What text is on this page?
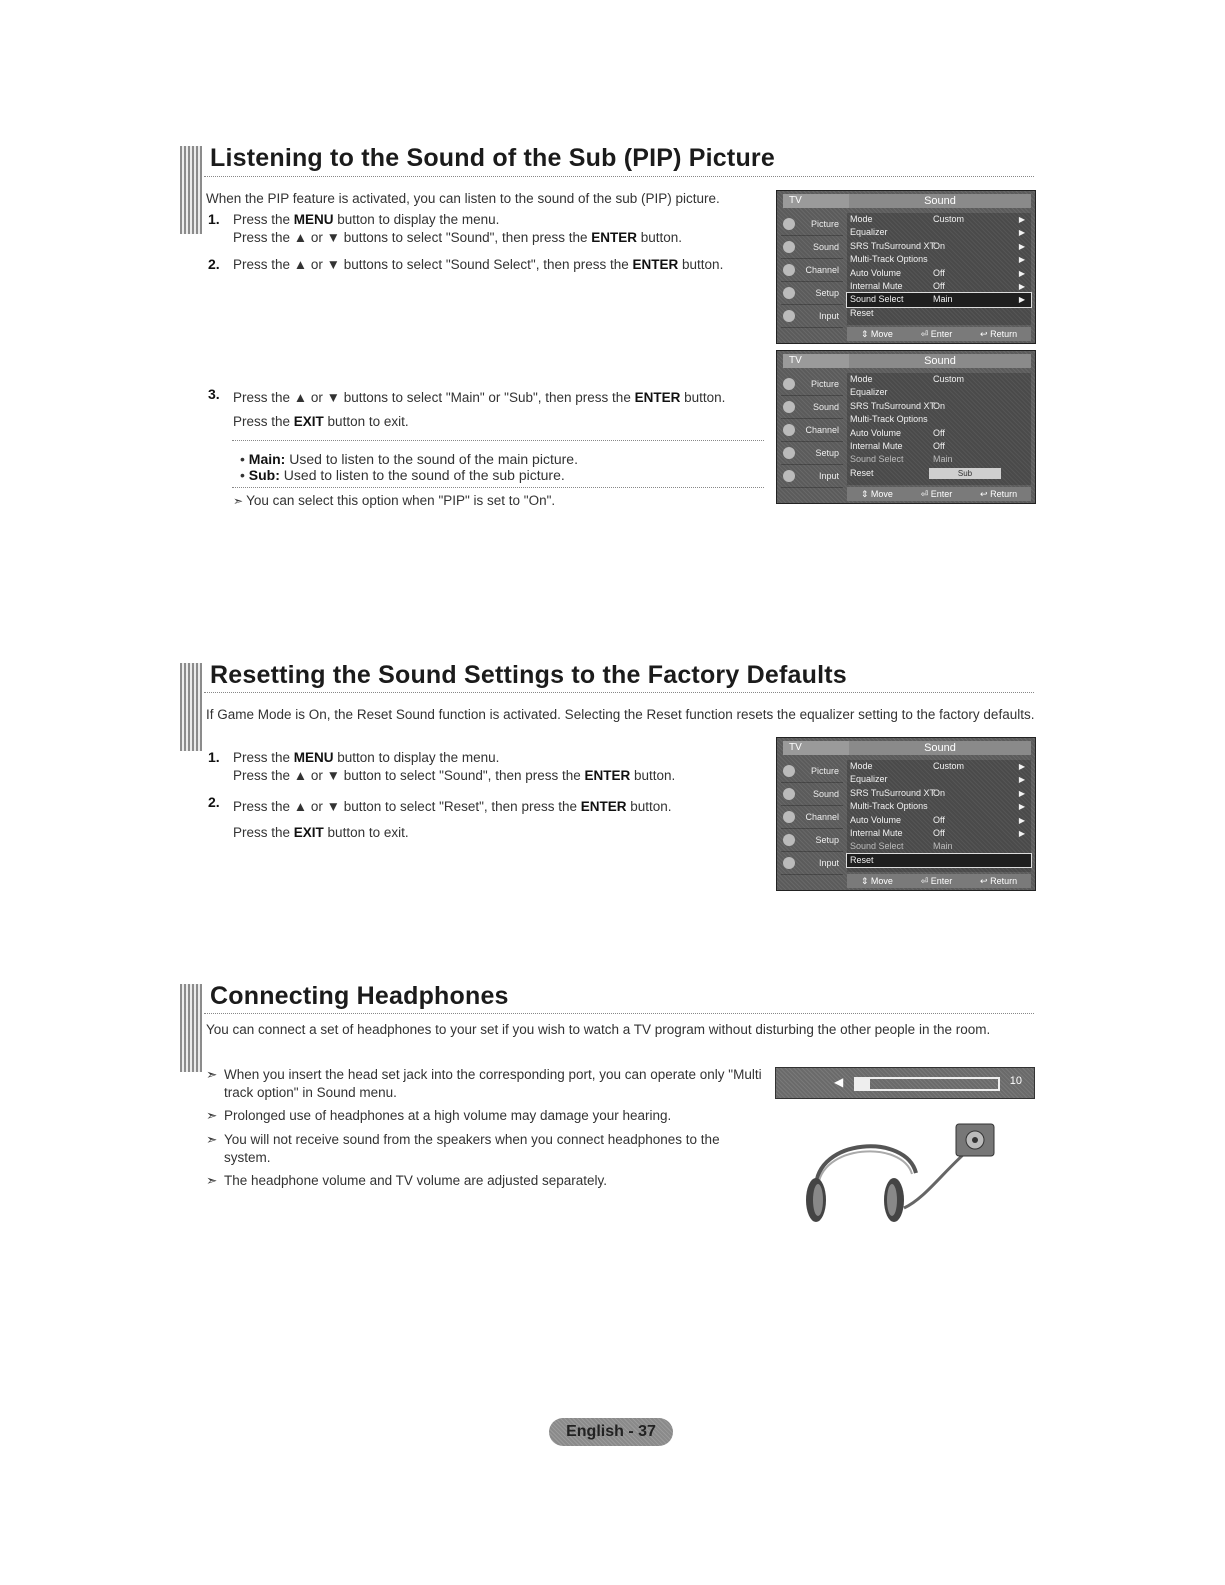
Listening to the Sound of the Sub (PIP) Picture
When the PIP feature is activated, you can listen to the sound of the sub (PIP) picture.
1. Press the MENU button to display the menu.
Press the ▲ or ▼ buttons to select "Sound", then press the ENTER button.
2. Press the ▲ or ▼ buttons to select "Sound Select", then press the ENTER button.
3. Press the ▲ or ▼ buttons to select "Main" or "Sub", then press the ENTER button.
Press the EXIT button to exit.
• Main: Used to listen to the sound of the main picture.
• Sub: Used to listen to the sound of the sub picture.
➣ You can select this option when "PIP" is set to "On".
TV	Sound
Picture
Sound
Channel
Setup
Input
Mode	Custom	▶
Equalizer	▶
SRS TruSurround XT
On	▶
Multi-Track Options	▶
Auto Volume	Off	▶
Internal Mute	Off	▶
Sound Select	Main	▶
Reset
⇕ Move	⏎ Enter	↩ Return
TV	Sound
Picture
Sound
Channel
Setup
Input
Mode	Custom
Equalizer
SRS TruSurround XT
On
Multi-Track Options
Auto Volume	Off
Internal Mute	Off
Sound Select	Main
Reset	Sub
⇕ Move	⏎ Enter	↩ Return
Resetting the Sound Settings to the Factory Defaults
If Game Mode is On, the Reset Sound function is activated. Selecting the Reset function resets the equalizer setting to the factory defaults.
1. Press the MENU button to display the menu.
Press the ▲ or ▼ button to select "Sound", then press the ENTER button.
2. Press the ▲ or ▼ button to select "Reset", then press the ENTER button.
Press the EXIT button to exit.
TV	Sound
Picture
Sound
Channel
Setup
Input
Mode	Custom	▶
Equalizer	▶
SRS TruSurround XT
On	▶
Multi-Track Options	▶
Auto Volume	Off	▶
Internal Mute	Off	▶
Sound Select	Main
Reset
⇕ Move	⏎ Enter	↩ Return
Connecting Headphones
You can connect a set of headphones to your set if you wish to watch a TV program without disturbing the other people in the room.
➣ When you insert the head set jack into the corresponding port, you can operate only "Multi track option" in Sound menu.
➣ Prolonged use of headphones at a high volume may damage your hearing.
➣ You will not receive sound from the speakers when you connect headphones to the system.
➣ The headphone volume and TV volume are adjusted separately.
◀	10
English - 37
